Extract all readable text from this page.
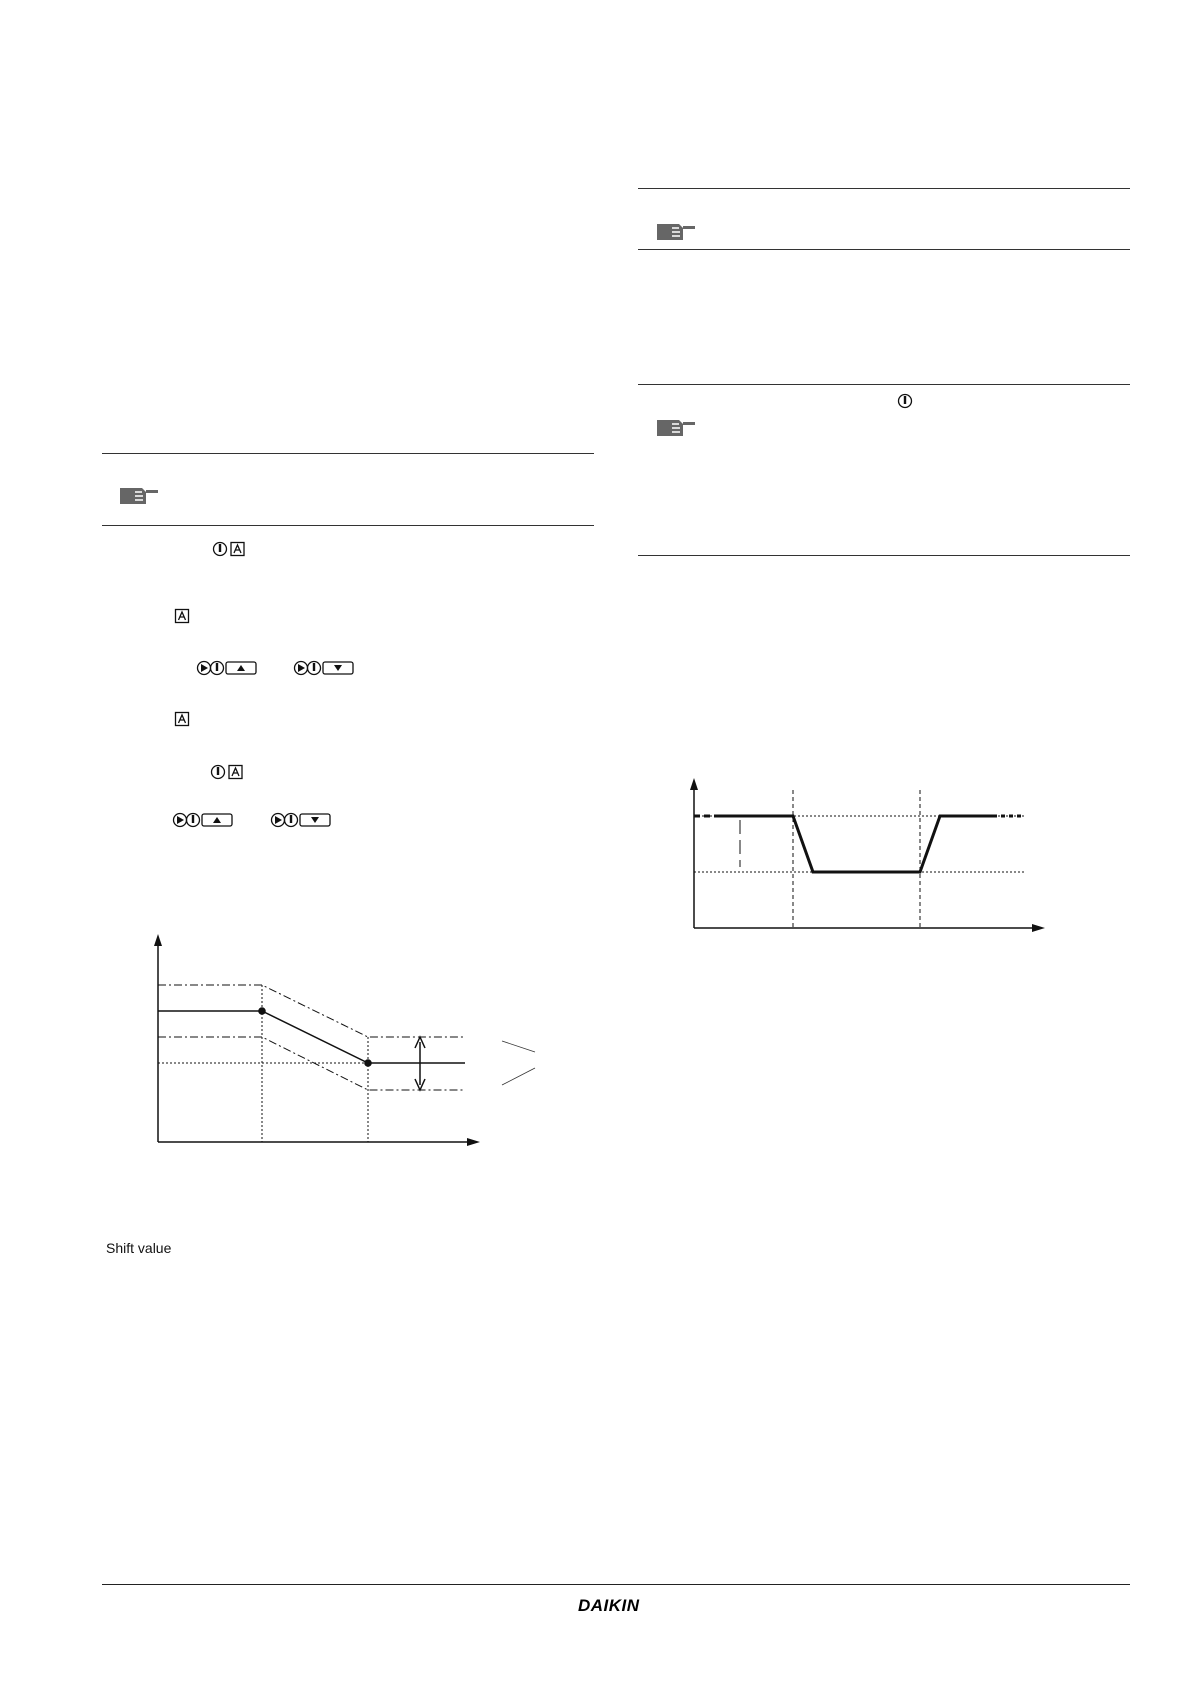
Shift value
DAIKIN
